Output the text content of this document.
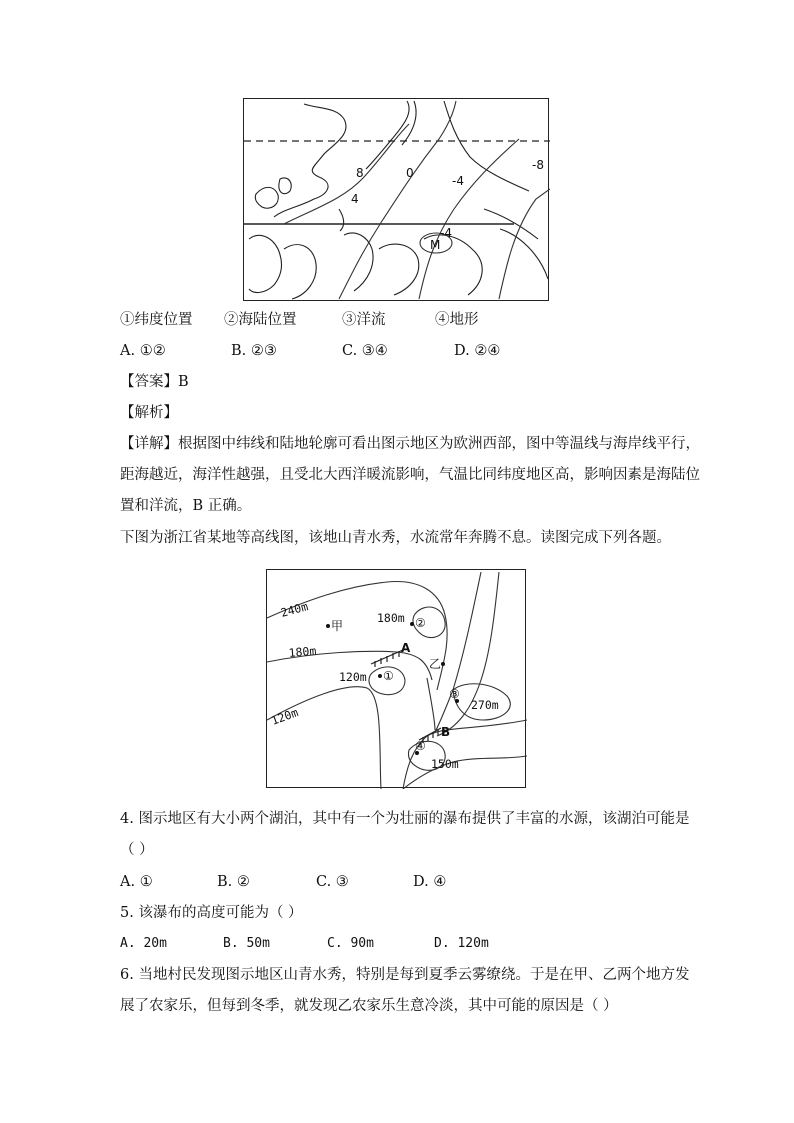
8
4
0
-4
-8
-4
M
①纬度位置 ②海陆位置	③洋流	④地形
A. ①②	B. ②③	C. ③④	D. ②④
【答案】B
【解析】
【详解】根据图中纬线和陆地轮廓可看出图示地区为欧洲西部，图中等温线与海岸线平行，
距海越近，海洋性越强，且受北大西洋暖流影响，气温比同纬度地区高，影响因素是海陆位
置和洋流，B 正确。
下图为浙江省某地等高线图，该地山青水秀，水流常年奔腾不息。读图完成下列各题。
240m	180m
180m
120m
120m
270m
150m
甲
乙
A
B
②
①
③
④
4. 图示地区有大小两个湖泊，其中有一个为壮丽的瀑布提供了丰富的水源，该湖泊可能是
（ ）
A. ①	B. ②	C. ③	D. ④
5. 该瀑布的高度可能为（ ）
A. 20m	B. 50m	C. 90m	D. 120m
6. 当地村民发现图示地区山青水秀，特别是每到夏季云雾缭绕。于是在甲、乙两个地方发
展了农家乐，但每到冬季，就发现乙农家乐生意冷淡，其中可能的原因是（ ）
